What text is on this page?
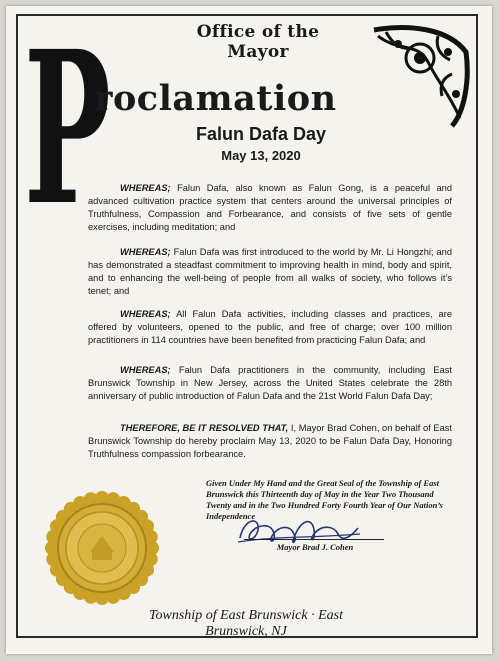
Office of the Mayor
P
roclamation
Falun Dafa Day
May 13, 2020
WHEREAS; Falun Dafa, also known as Falun Gong, is a peaceful and advanced cultivation practice system that centers around the universal principles of Truthfulness, Compassion and Forbearance, and consists of five sets of gentle exercises, including meditation; and
WHEREAS; Falun Dafa was first introduced to the world by Mr. Li Hongzhi; and has demonstrated a steadfast commitment to improving health in mind, body and spirit, and to enhancing the well-being of people from all walks of society, who follows it’s tenet; and
WHEREAS; All Falun Dafa activities, including classes and practices, are offered by volunteers, opened to the public, and free of charge; over 100 million practitioners in 114 countries have been benefited from practicing Falun Dafa; and
WHEREAS; Falun Dafa practitioners in the community, including East Brunswick Township in New Jersey, across the United States celebrate the 28th anniversary of public introduction of Falun Dafa and the 21st World Falun Dafa Day;
THEREFORE, BE IT RESOLVED THAT, I, Mayor Brad Cohen, on behalf of East Brunswick Township do hereby proclaim May 13, 2020 to be Falun Dafa Day, Honoring Truthfulness compassion forbearance.
Given Under My Hand and the Great Seal of the Township of East Brunswick this Thirteenth day of May in the Year Two Thousand Twenty and in the Two Hundred Forty Fourth Year of Our Nation’s Independence
Mayor Brad J. Cohen
Township of East Brunswick · East Brunswick, NJ
